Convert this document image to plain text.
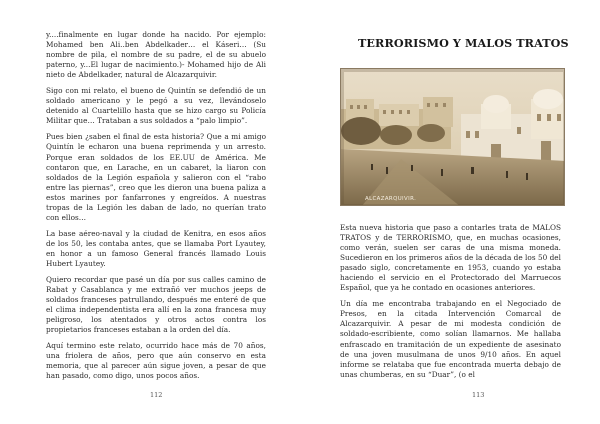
y....finalmente en lugar donde ha nacido. Por ejemplo: Mohamed ben Ali..ben Abdelkader… el Káseri… (Su nombre de pila, el nombre de su padre, el de su abuelo paterno, y...El lugar de nacimiento.)- Mohamed hijo de Ali nieto de Abdelkader, natural de Alcazarquivir.

Sigo con mi relato, el bueno de Quintín se defendió de un soldado americano y le pegó a su vez, llevándoselo detenido al Cuartelillo hasta que se hizo cargo su Policía Militar que… Trataban a sus soldados a “palo limpio”.

Pues bien ¿saben el final de esta historia? Que a mi amigo Quintín le echaron una buena reprimenda y un arresto. Porque eran soldados de los EE.UU de América. Me contaron que, en Larache, en un cabaret, la liaron con soldados de la Legión española y salieron con el “rabo entre las piernas”, creo que les dieron una buena paliza a estos marines por fanfarrones y engreídos. A nuestras tropas de la Legión les daban de lado, no querían trato con ellos…

La base aéreo-naval y la ciudad de Kenitra, en esos años de los 50, les contaba antes, que se llamaba Port Lyautey, en honor a un famoso General francés llamado Louis Hubert Lyautey.

Quiero recordar que pasé un día por sus calles camino de Rabat y Casablanca y me extrañó ver muchos jeeps de soldados franceses patrullando, después me enteré de que el clima independentista era allí en la zona francesa muy peligroso, los atentados y otros actos contra los propietarios franceses estaban a la orden del día.

Aquí termino este relato, ocurrido hace más de 70 años, una friolera de años, pero que aún conservo en esta memoria, que al parecer aún sigue joven, a pesar de que han pasado, como digo, unos pocos años.

112
TERRORISMO Y MALOS TRATOS
ALCAZARQUIVIR.

Esta nueva historia que paso a contarles trata de MALOS TRATOS y de TERRORISMO, que, en muchas ocasiones, como verán, suelen ser caras de una misma moneda. Sucedieron en los primeros años de la década de los 50 del pasado siglo, concretamente en 1953, cuando yo estaba haciendo el servicio en el Protectorado del Marruecos Español, que ya he contado en ocasiones anteriores.

Un día me encontraba trabajando en el Negociado de Presos, en la citada Intervención Comarcal de Alcazarquivir. A pesar de mi modesta condición de soldado-escribiente, como solían llamarnos. Me hallaba enfrascado en tramitación de un expediente de asesinato de una joven musulmana de unos 9/10 años. En aquel informe se relataba que fue encontrada muerta debajo de unas chumberas, en su “Duar”, (o el

113
